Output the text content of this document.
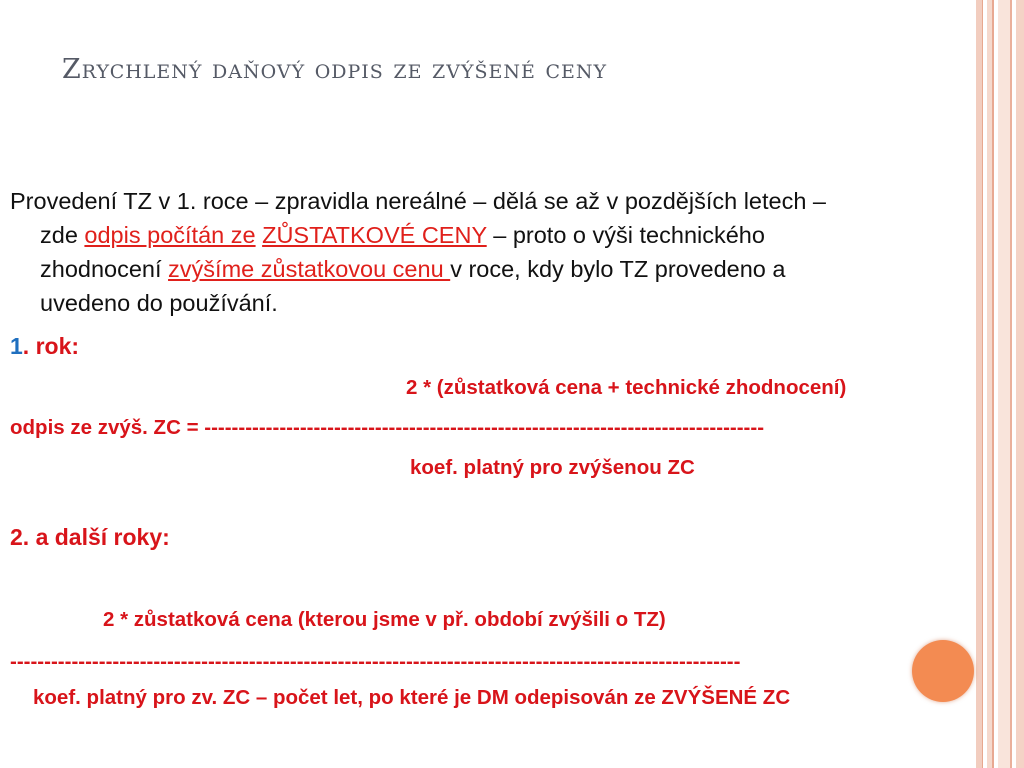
Zrychlený daňový odpis ze zvýšené ceny
Provedení TZ v 1. roce – zpravidla nereálné – dělá se až v pozdějších letech –
zde odpis počítán ze ZŮSTATKOVÉ CENY – proto o výši technického
zhodnocení zvýšíme zůstatkovou cenu v roce, kdy bylo TZ provedeno a
uvedeno do používání.
1. rok:
2 * (zůstatková cena + technické zhodnocení)
odpis ze zvýš. ZC = ----------------------------------------------------------------------------------
koef. platný pro zvýšenou ZC
2. a další roky:
2 * zůstatková cena (kterou jsme v př. období zvýšili o TZ)
-----------------------------------------------------------------------------------------------------------
koef. platný pro zv. ZC – počet let, po které je DM odepisován ze ZVÝŠENÉ ZC
